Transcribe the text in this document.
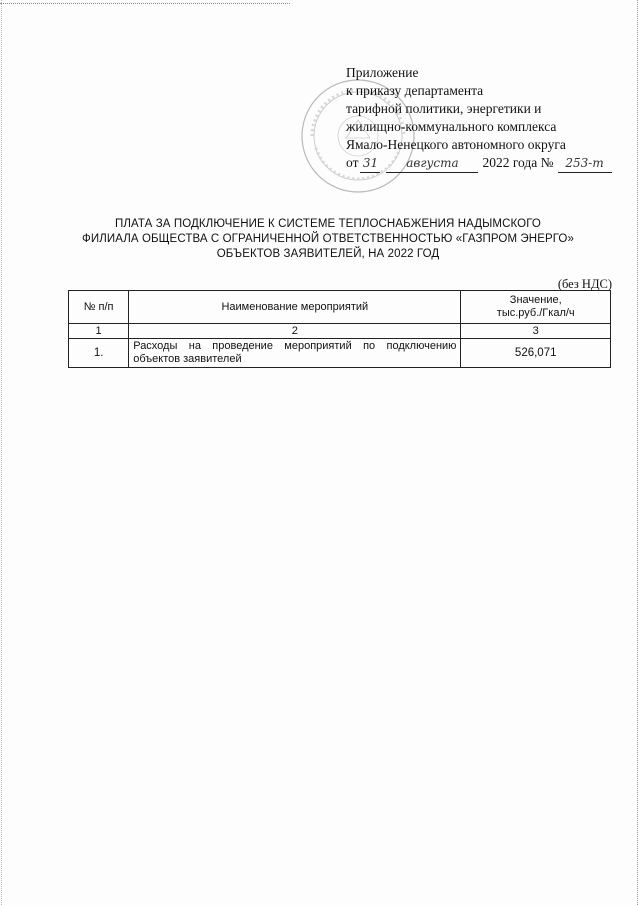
Приложение
к приказу департамента
тарифной политики, энергетики и
жилищно-коммунального комплекса
Ямало-Ненецкого автономного округа
от 31	августа	2022 года № 253-т
ПЛАТА ЗА ПОДКЛЮЧЕНИЕ К СИСТЕМЕ ТЕПЛОСНАБЖЕНИЯ НАДЫМСКОГО
ФИЛИАЛА ОБЩЕСТВА С ОГРАНИЧЕННОЙ ОТВЕТСТВЕННОСТЬЮ «ГАЗПРОМ ЭНЕРГО»
ОБЪЕКТОВ ЗАЯВИТЕЛЕЙ, НА 2022 ГОД
(без НДС)
№ п/п	Наименование мероприятий	Значение,
тыс.руб./Гкал/ч

1	2	3
1.	Расходы на проведение мероприятий по подключению объектов заявителей	526,071
